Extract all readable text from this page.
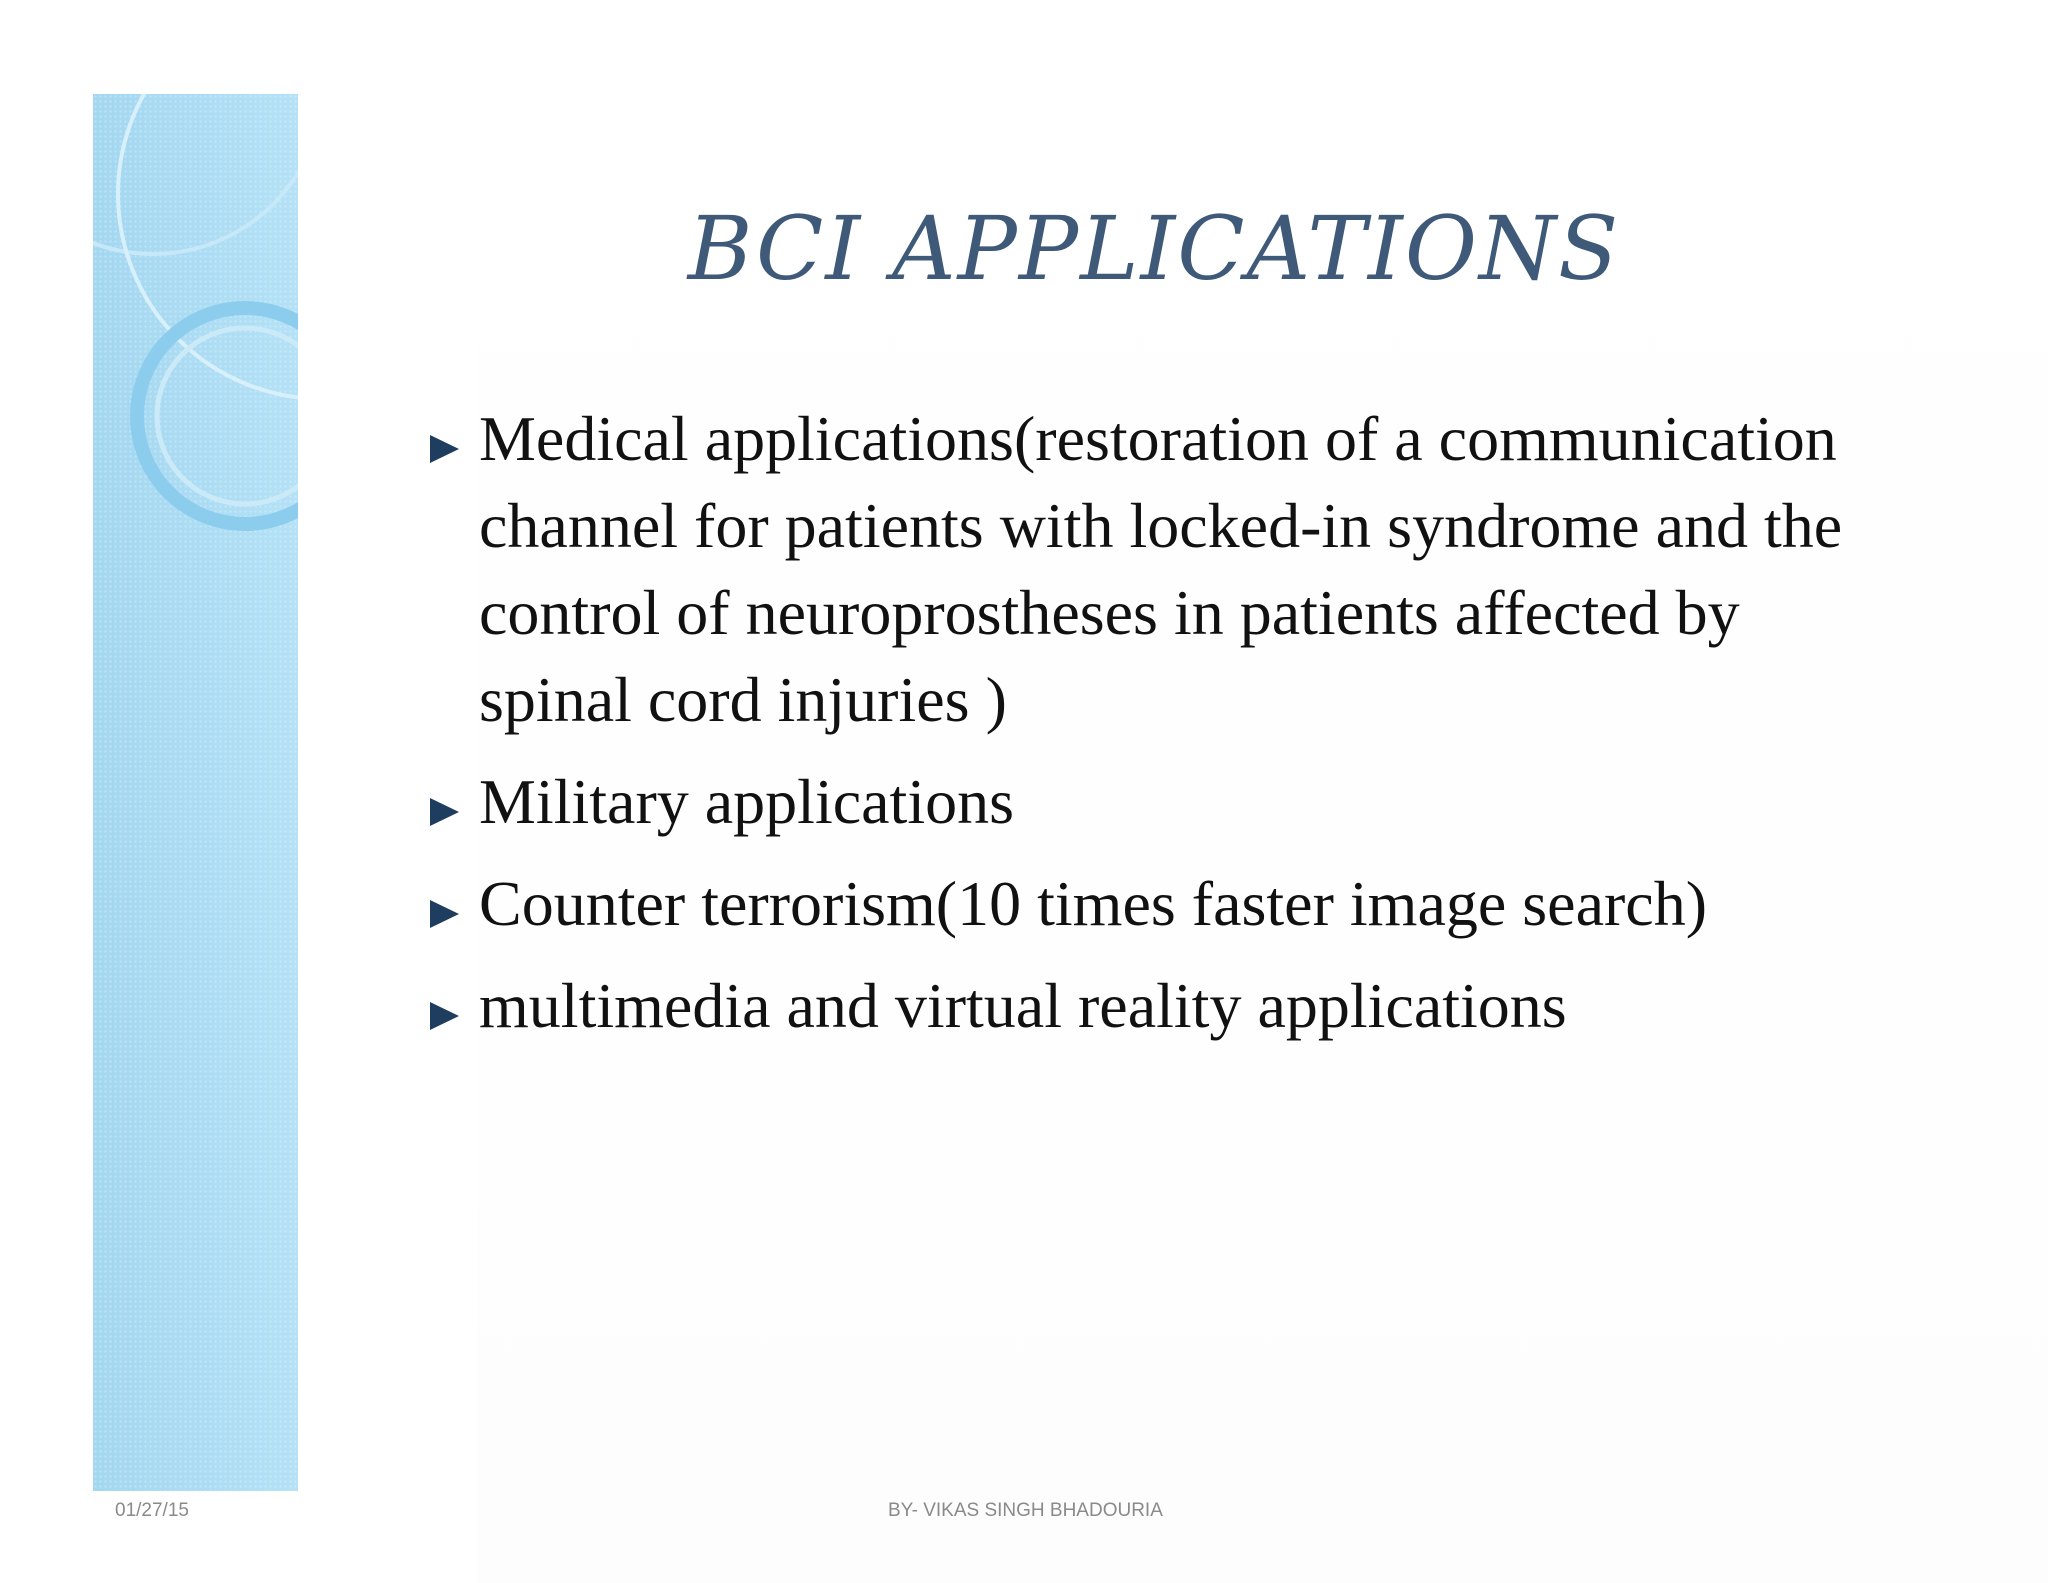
BCI APPLICATIONS
Medical applications(restoration of a communication channel for patients with locked-in syndrome and the control of neuroprostheses in patients affected by spinal cord injuries )
Military applications
Counter terrorism(10 times faster image search)
multimedia and virtual reality applications
01/27/15	BY- VIKAS SINGH BHADOURIA
